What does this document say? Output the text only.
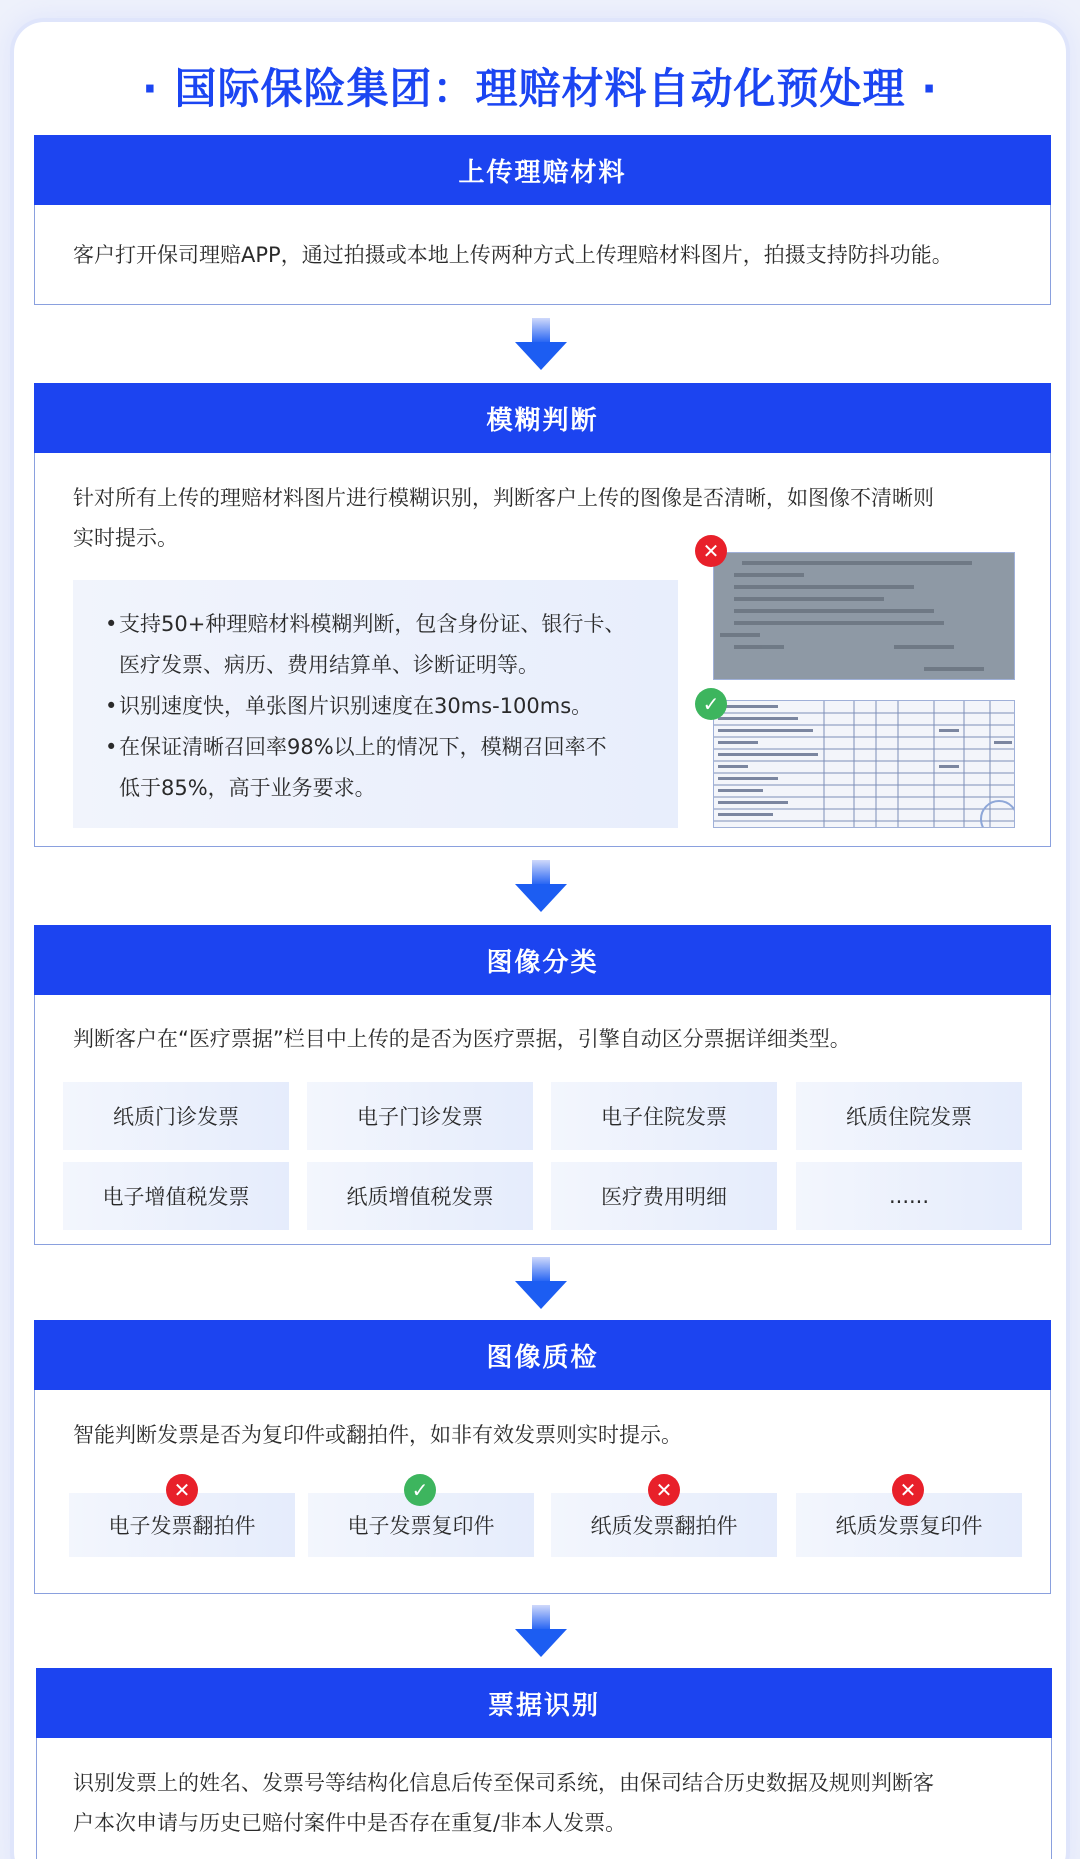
· 国际保险集团：理赔材料自动化预处理 ·
上传理赔材料
客户打开保司理赔APP，通过拍摄或本地上传两种方式上传理赔材料图片，拍摄支持防抖功能。
模糊判断
针对所有上传的理赔材料图片进行模糊识别，判断客户上传的图像是否清晰，如图像不清晰则
实时提示。
• 支持50+种理赔材料模糊判断，包含身份证、银行卡、
医疗发票、病历、费用结算单、诊断证明等。
• 识别速度快，单张图片识别速度在30ms-100ms。
• 在保证清晰召回率98%以上的情况下，模糊召回率不
低于85%，高于业务要求。
✕
✓
图像分类
判断客户在“医疗票据”栏目中上传的是否为医疗票据，引擎自动区分票据详细类型。
纸质门诊发票	电子门诊发票	电子住院发票	纸质住院发票
电子增值税发票	纸质增值税发票	医疗费用明细	......
图像质检
智能判断发票是否为复印件或翻拍件，如非有效发票则实时提示。
电子发票翻拍件	电子发票复印件	纸质发票翻拍件	纸质发票复印件
✕	✓	✕	✕
票据识别
识别发票上的姓名、发票号等结构化信息后传至保司系统，由保司结合历史数据及规则判断客
户本次申请与历史已赔付案件中是否存在重复/非本人发票。
